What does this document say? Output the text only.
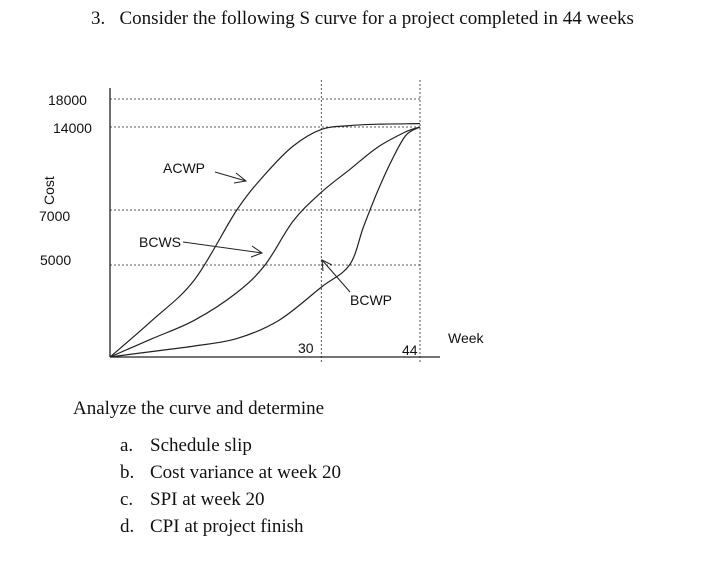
3. Consider the following S curve for a project completed in 44 weeks
ACWP
BCWS
BCWP
18000
14000
7000
5000
Cost
30	44
Week
Analyze the curve and determine
a. Schedule slip
b. Cost variance at week 20
c. SPI at week 20
d. CPI at project finish
